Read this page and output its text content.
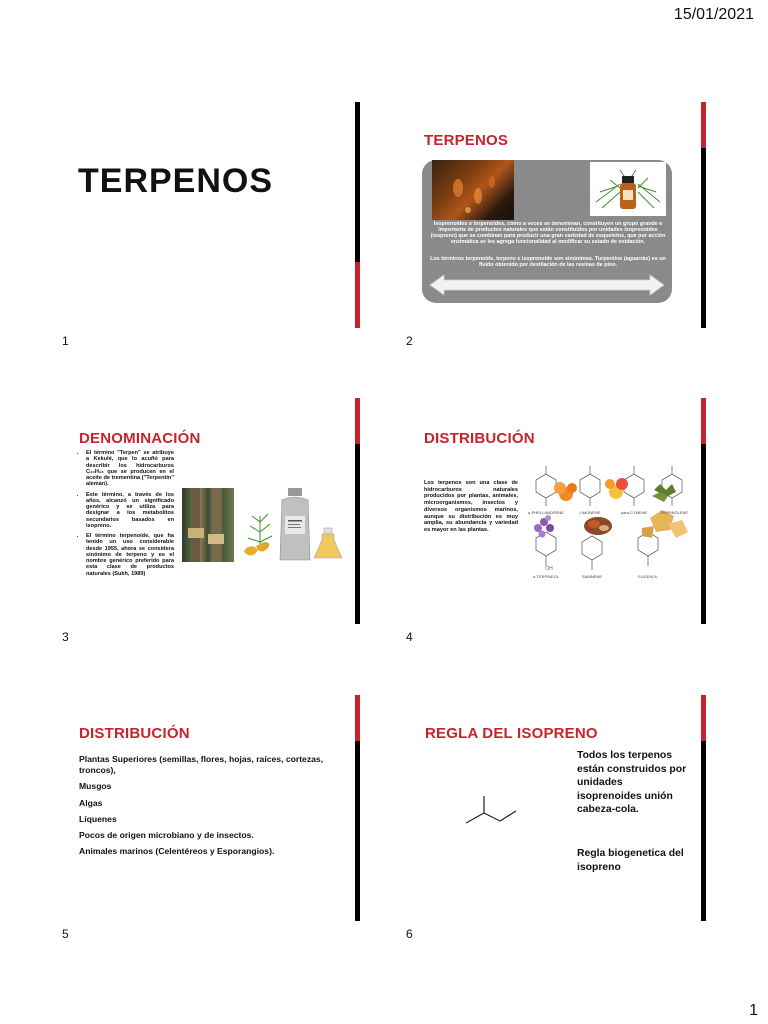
15/01/2021
TERPENOS
1
TERPENOS
Isoprenoides o terpenoides, como a veces se denominan, constituyen un grupo grande e importante de productos naturales que están constituidos por unidades isoprenoides (isopreno) que se combinan para producir una gran variedad de esqueletos, que por acción enzimática se les agrega funcionalidad al modificar su estado de oxidación.
Los términos terpenoide, terpeno e isoprenoide son sinónimos. Turpentine (aguarrás) es un fluido obtenido por destilación de las resinas de pino.
2
DENOMINACIÓN
• El término "Terpen" se atribuye a Kekulé, que lo acuñó para describir los hidrocarburos C₁₀H₁₆ que se producen en el aceite de trementina ("Terpentin" alemán).
• Este término, a través de los años, alcanzó un significado genérico y se utiliza para designar a los metabolitos secundarios basados en isopreno.
• El término terpenoide, que ha tenido un uso considerable desde 1955, ahora se considera sinónimo de terpeno y es el nombre genérico preferido para esta clase de productos naturales (Sukh, 1989)
3
DISTRIBUCIÓN
Los terpenos son una clase de hidrocarburos naturales producidos por plantas, animales, microorganismos, insectos y diversos organismos marinos, aunque su distribución es muy amplia, su abundancia y variedad es mayor en las plantas.
α-PHELLANDRENE	LIMONENE	para-CYMENE	TERPINOLENE
OH
α-TERPINEOL	SABINENE	EUGENOL
4
DISTRIBUCIÓN
Plantas Superiores (semillas, flores, hojas, raíces, cortezas, troncos),
Musgos
Algas
Líquenes
Pocos de origen microbiano y de insectos.
Animales marinos (Celentéreos y Esporangios).
5
REGLA DEL ISOPRENO
Todos los terpenos están construidos por unidades isoprenoides unión cabeza-cola.
Regla biogenetica del isopreno
6
1
